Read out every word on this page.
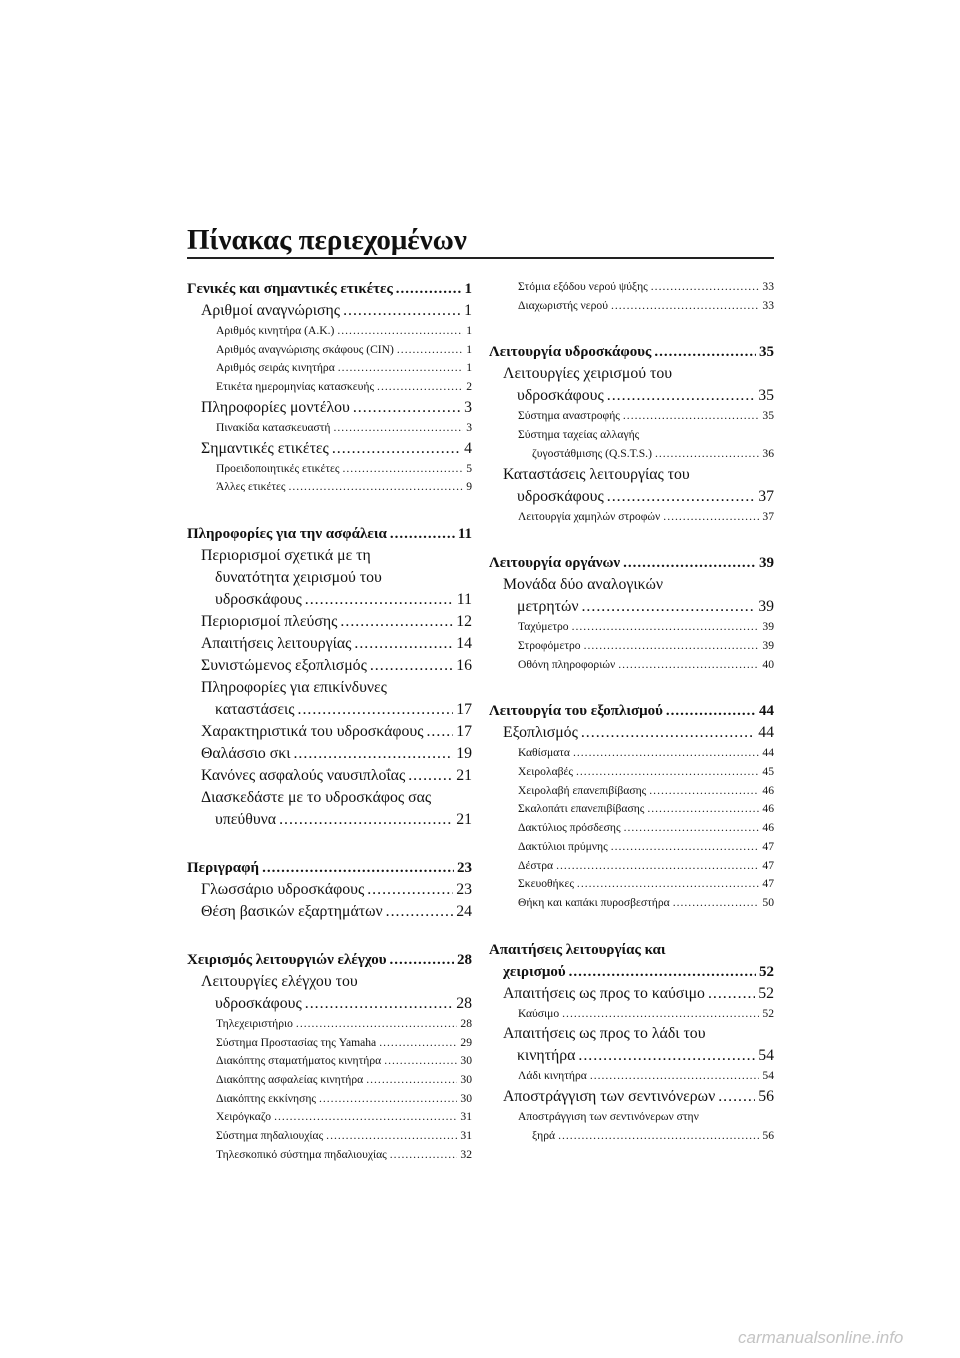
Πίνακας περιεχομένων
Γενικές και σημαντικές ετικέτες .....	1
Αριθμοί αναγνώρισης .....	1
Αριθμός κινητήρα (A.K.) .....	1
Αριθμός αναγνώρισης σκάφους (CIN) .....	1
Αριθμός σειράς κινητήρα .....	1
Ετικέτα ημερομηνίας κατασκευής .....	2
Πληροφορίες μοντέλου .....	3
Πινακίδα κατασκευαστή .....	3
Σημαντικές ετικέτες .....	4
Προειδοποιητικές ετικέτες .....	5
Άλλες ετικέτες .....	9
Πληροφορίες για την ασφάλεια .....	11
Περιορισμοί σχετικά με τη
δυνατότητα χειρισμού του
υδροσκάφους .....	11
Περιορισμοί πλεύσης .....	12
Απαιτήσεις λειτουργίας .....	14
Συνιστώμενος εξοπλισμός .....	16
Πληροφορίες για επικίνδυνες
καταστάσεις .....	17
Χαρακτηριστικά του υδροσκάφους ..... 17
Θαλάσσιο σκι .....	19
Κανόνες ασφαλούς ναυσιπλοΐας .....	21
Διασκεδάστε με το υδροσκάφος σας
υπεύθυνα .....	21
Περιγραφή .....	23
Γλωσσάριο υδροσκάφους .....	23
Θέση βασικών εξαρτημάτων .....	24
Χειρισμός λειτουργιών ελέγχου .....	28
Λειτουργίες ελέγχου του
υδροσκάφους .....	28
Τηλεχειριστήριο .....	28
Σύστημα Προστασίας της Yamaha .....	29
Διακόπτης σταματήματος κινητήρα .....	30
Διακόπτης ασφαλείας κινητήρα .....	30
Διακόπτης εκκίνησης .....	30
Χειρόγκαζο .....	31
Σύστημα πηδαλιουχίας .....	31
Τηλεσκοπικό σύστημα πηδαλιουχίας .....	32
Στόμια εξόδου νερού ψύξης .....	33
Διαχωριστής νερού .....	33
Λειτουργία υδροσκάφους .....	35
Λειτουργίες χειρισμού του
υδροσκάφους .....	35
Σύστημα αναστροφής .....	35
Σύστημα ταχείας αλλαγής
ζυγοστάθμισης (Q.S.T.S.) .....	36
Καταστάσεις λειτουργίας του
υδροσκάφους .....	37
Λειτουργία χαμηλών στροφών .....	37
Λειτουργία οργάνων .....	39
Μονάδα δύο αναλογικών
μετρητών .....	39
Ταχύμετρο .....	39
Στροφόμετρο .....	39
Οθόνη πληροφοριών .....	40
Λειτουργία του εξοπλισμού .....	44
Εξοπλισμός .....	44
Καθίσματα .....	44
Χειρολαβές .....	45
Χειρολαβή επανεπιβίβασης .....	46
Σκαλοπάτι επανεπιβίβασης .....	46
Δακτύλιος πρόσδεσης .....	46
Δακτύλιοι πρύμνης .....	47
Δέστρα .....	47
Σκευοθήκες .....	47
Θήκη και καπάκι πυροσβεστήρα .....	50
Απαιτήσεις λειτουργίας και
χειρισμού .....	52
Απαιτήσεις ως προς το καύσιμο .....	52
Καύσιμο .....	52
Απαιτήσεις ως προς το λάδι του
κινητήρα .....	54
Λάδι κινητήρα .....	54
Αποστράγγιση των σεντινόνερων .....	56
Αποστράγγιση των σεντινόνερων στην
ξηρά .....	56
carmanualsonline.info
